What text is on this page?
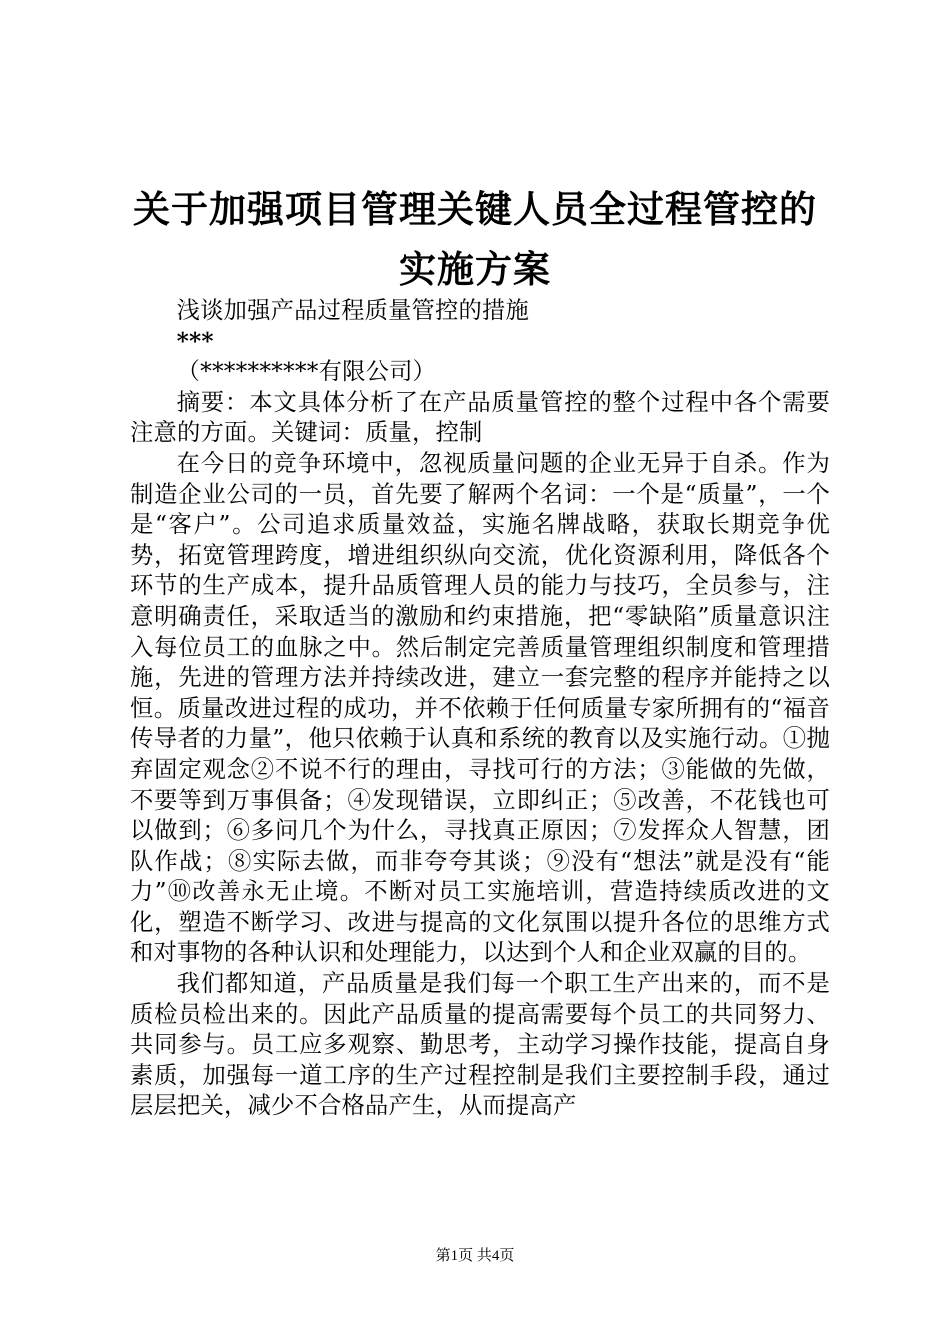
关于加强项目管理关键人员全过程管控的实施方案

浅谈加强产品过程质量管控的措施

***

（**********有限公司）

摘要：本文具体分析了在产品质量管控的整个过程中各个需要注意的方面。关键词：质量，控制

在今日的竞争环境中，忽视质量问题的企业无异于自杀。作为制造企业公司的一员，首先要了解两个名词：一个是“质量”，一个是“客户”。公司追求质量效益，实施名牌战略，获取长期竞争优势，拓宽管理跨度，增进组织纵向交流，优化资源利用，降低各个环节的生产成本，提升品质管理人员的能力与技巧，全员参与，注意明确责任，采取适当的激励和约束措施，把“零缺陷”质量意识注入每位员工的血脉之中。然后制定完善质量管理组织制度和管理措施，先进的管理方法并持续改进，建立一套完整的程序并能持之以恒。质量改进过程的成功，并不依赖于任何质量专家所拥有的“福音传导者的力量”，他只依赖于认真和系统的教育以及实施行动。①抛弃固定观念②不说不行的理由，寻找可行的方法；③能做的先做，不要等到万事俱备；④发现错误，立即纠正；⑤改善，不花钱也可以做到；⑥多问几个为什么，寻找真正原因；⑦发挥众人智慧，团队作战；⑧实际去做，而非夸夸其谈；⑨没有“想法”就是没有“能力”⑩改善永无止境。不断对员工实施培训，营造持续质改进的文化，塑造不断学习、改进与提高的文化氛围以提升各位的思维方式和对事物的各种认识和处理能力，以达到个人和企业双赢的目的。

我们都知道，产品质量是我们每一个职工生产出来的，而不是质检员检出来的。因此产品质量的提高需要每个员工的共同努力、共同参与。员工应多观察、勤思考，主动学习操作技能，提高自身素质，加强每一道工序的生产过程控制是我们主要控制手段，通过层层把关，减少不合格品产生，从而提高产

第1页 共4页
